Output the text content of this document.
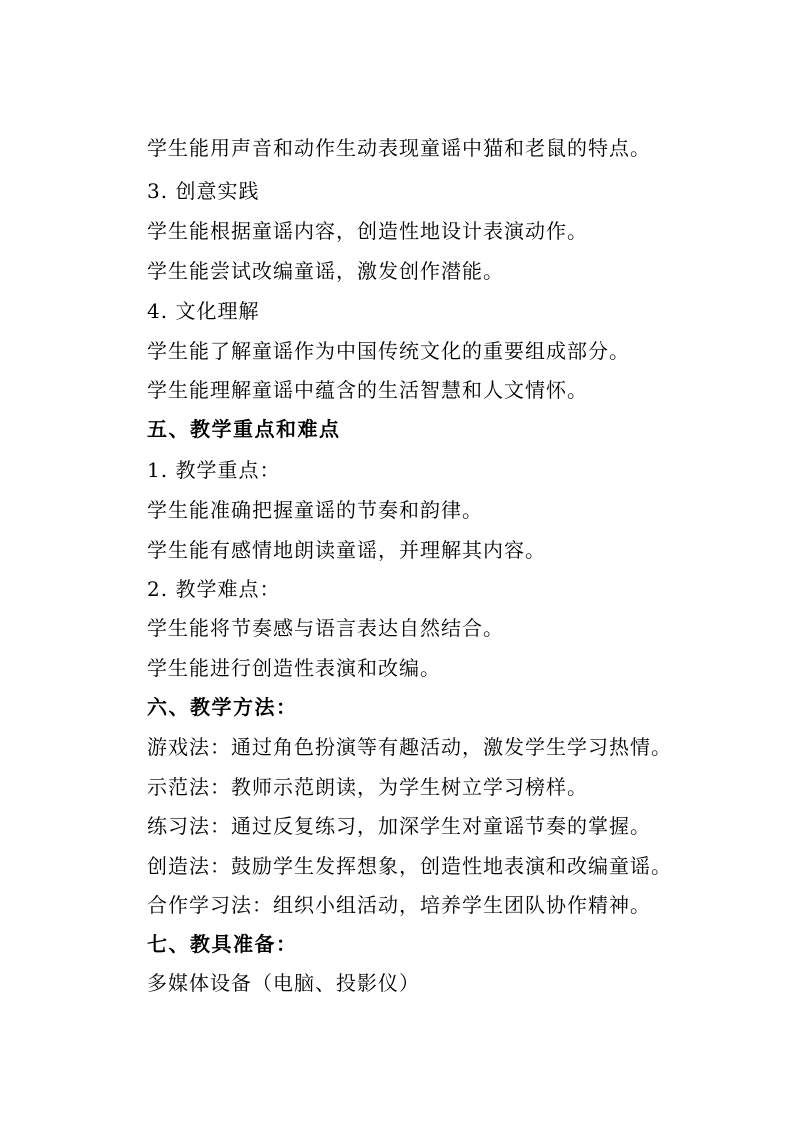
学生能用声音和动作生动表现童谣中猫和老鼠的特点。
3. 创意实践
学生能根据童谣内容，创造性地设计表演动作。
学生能尝试改编童谣，激发创作潜能。
4. 文化理解
学生能了解童谣作为中国传统文化的重要组成部分。
学生能理解童谣中蕴含的生活智慧和人文情怀。
五、教学重点和难点
1. 教学重点：
学生能准确把握童谣的节奏和韵律。
学生能有感情地朗读童谣，并理解其内容。
2. 教学难点：
学生能将节奏感与语言表达自然结合。
学生能进行创造性表演和改编。
六、教学方法：
游戏法：通过角色扮演等有趣活动，激发学生学习热情。
示范法：教师示范朗读，为学生树立学习榜样。
练习法：通过反复练习，加深学生对童谣节奏的掌握。
创造法：鼓励学生发挥想象，创造性地表演和改编童谣。
合作学习法：组织小组活动，培养学生团队协作精神。
七、教具准备：
多媒体设备（电脑、投影仪）
